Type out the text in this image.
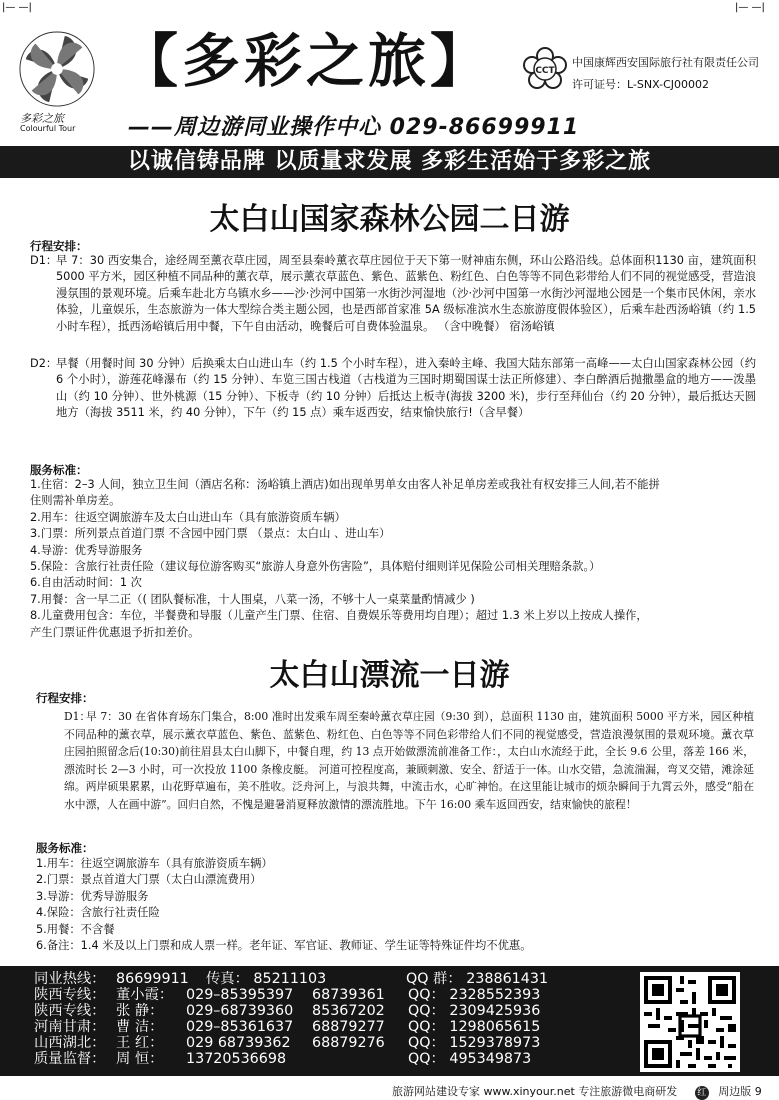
|— —|	|— —|
多彩之旅
Colourful Tour
【多彩之旅】
——周边游同业操作中心 029-86699911
CCT
中国康辉西安国际旅行社有限责任公司
许可证号：L-SNX-CJ00002
以诚信铸品牌 以质量求发展 多彩生活始于多彩之旅
太白山国家森林公园二日游
行程安排：
D1：
早 7：30 西安集合，途经周至薰衣草庄园，周至县秦岭薰衣草庄园位于天下第一财神庙东侧，环山公路沿线。总体面积1130 亩，建筑面积 5000 平方米，园区种植不同品种的薰衣草，展示薰衣草蓝色、紫色、蓝紫色、粉红色、白色等等不同色彩带给人们不同的视觉感受，营造浪漫氛围的景观环境。后乘车赴北方乌镇水乡——沙·沙河中国第一水街沙河湿地（沙·沙河中国第一水街沙河湿地公园是一个集市民休闲，亲水体验，儿童娱乐，生态旅游为一体大型综合类主题公园，也是西部首家准 5A 级标准滨水生态旅游度假体验区），后乘车赴西汤峪镇（约 1.5 小时车程），抵西汤峪镇后用中餐，下午自由活动，晚餐后可自费体验温泉。 （含中晚餐） 宿汤峪镇
D2：
早餐（用餐时间 30 分钟）后换乘太白山进山车（约 1.5 个小时车程），进入秦岭主峰、我国大陆东部第一高峰——太白山国家森林公园（约 6 个小时），游莲花峰瀑布（约 15 分钟）、车览三国古栈道（古栈道为三国时期蜀国谋士法正所修建）、李白醉酒后抛撒墨盒的地方——泼墨山（约 10 分钟）、世外桃源（15 分钟）、下板寺（约 10 分钟）后抵达上板寺(海拔 3200 米)，步行至拜仙台（约 20 分钟），最后抵达天圆地方（海拔 3511 米，约 40 分钟），下午（约 15 点）乘车返西安，结束愉快旅行!（含早餐）
服务标准：
1.住宿：2–3 人间，独立卫生间（酒店名称：汤峪镇上酒店)如出现单男单女由客人补足单房差或我社有权安排三人间,若不能拼
住则需补单房差。
2.用车：往返空调旅游车及太白山进山车（具有旅游资质车辆）
3.门票：所列景点首道门票 不含园中园门票 （景点：太白山 、进山车）
4.导游：优秀导游服务
5.保险：含旅行社责任险（建议每位游客购买“旅游人身意外伤害险”，具体赔付细则详见保险公司相关理赔条款。）
6.自由活动时间：1 次
7.用餐：含一早二正（( 团队餐标准，十人围桌，八菜一汤，不够十人一桌菜量酌情减少 )
8.儿童费用包含：车位，半餐费和导服（儿童产生门票、住宿、自费娱乐等费用均自理）；超过 1.3 米上岁以上按成人操作，
产生门票证件优惠退予折扣差价。
太白山漂流一日游
行程安排：
D1：
早 7：30 在省体育场东门集合，8:00 准时出发乘车周至秦岭薰衣草庄园（9:30 到），总面积 1130 亩，建筑面积 5000 平方米，园区种植不同品种的薰衣草，展示薰衣草蓝色、紫色、蓝紫色、粉红色、白色等等不同色彩带给人们不同的视觉感受，营造浪漫氛围的景观环境。薰衣草庄园拍照留念后(10:30)前往眉县太白山脚下，中餐自理，约 13 点开始做漂流前准备工作：，太白山水流经于此，全长 9.6 公里，落差 166 米，漂流时长 2—3 小时，可一次投放 1100 条橡皮艇。 河道可控程度高，兼顾刺激、安全、舒适于一体。山水交错，急流湍漏，弯叉交错，滩涂延绵。两岸硕果累累，山花野草遍布，美不胜收。泛舟河上，与浪共舞，中流击水，心旷神怡。在这里能让城市的烦杂瞬间于九霄云外，感受“船在水中漂，人在画中游”。回归自然，不愧是避暑消夏释放激情的漂流胜地。下午 16:00 乘车返回西安，结束愉快的旅程！
服务标准：
1.用车：往返空调旅游车（具有旅游资质车辆）
2.门票：景点首道大门票（太白山漂流费用）
3.导游：优秀导游服务
4.保险：含旅行社责任险
5.用餐：不含餐
6.备注：1.4 米及以上门票和成人票一样。老年证、军官证、教师证、学生证等特殊证件均不优惠。
同业热线： 86699911 传真： 85211103	QQ 群： 238861431
陕西专线： 董小霞： 029–85395397 68739361 QQ： 2328552393
陕西专线： 张 静： 029–68739360 85367202 QQ： 2309425936
河南甘肃： 曹 洁： 029–85361637 68879277 QQ： 1298065615
山西湖北： 王 红： 029 68739362 68879276 QQ： 1529378973
质量监督： 周 恒： 13720536698	QQ： 495349873
旅游网站建设专家 www.xinyour.net 专注旅游微电商研发 红 周边版 9
